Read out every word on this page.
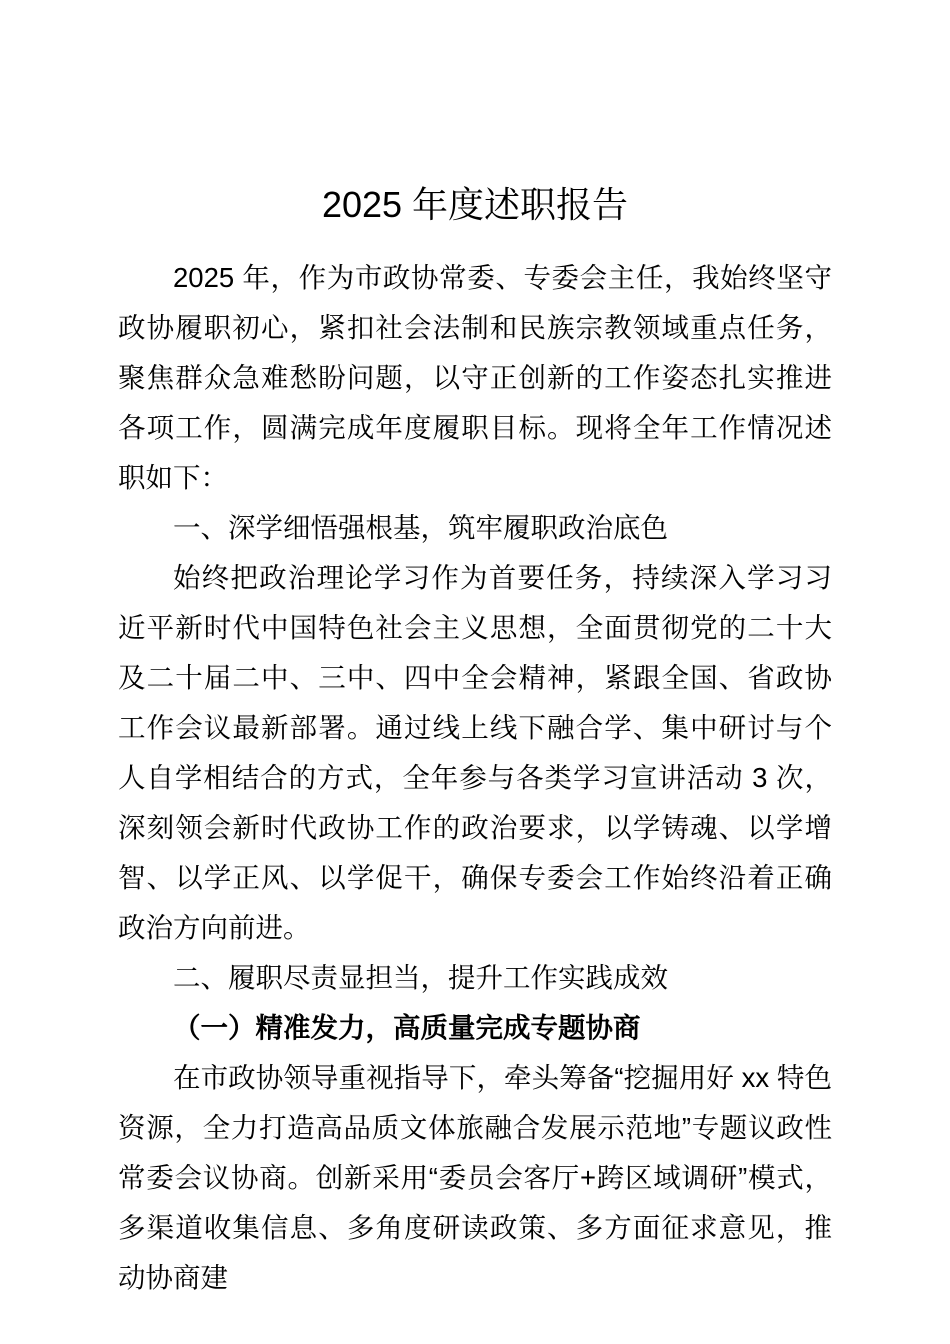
2025 年度述职报告

2025 年，作为市政协常委、专委会主任，我始终坚守政协履职初心，紧扣社会法制和民族宗教领域重点任务，聚焦群众急难愁盼问题，以守正创新的工作姿态扎实推进各项工作，圆满完成年度履职目标。现将全年工作情况述职如下：

一、深学细悟强根基，筑牢履职政治底色

始终把政治理论学习作为首要任务，持续深入学习习近平新时代中国特色社会主义思想，全面贯彻党的二十大及二十届二中、三中、四中全会精神，紧跟全国、省政协工作会议最新部署。通过线上线下融合学、集中研讨与个人自学相结合的方式，全年参与各类学习宣讲活动 3 次，深刻领会新时代政协工作的政治要求，以学铸魂、以学增智、以学正风、以学促干，确保专委会工作始终沿着正确政治方向前进。

二、履职尽责显担当，提升工作实践成效
（一）精准发力，高质量完成专题协商

在市政协领导重视指导下，牵头筹备“挖掘用好 xx 特色资源，全力打造高品质文体旅融合发展示范地”专题议政性常委会议协商。创新采用“委员会客厅+跨区域调研”模式，多渠道收集信息、多角度研读政策、多方面征求意见，推动协商建
